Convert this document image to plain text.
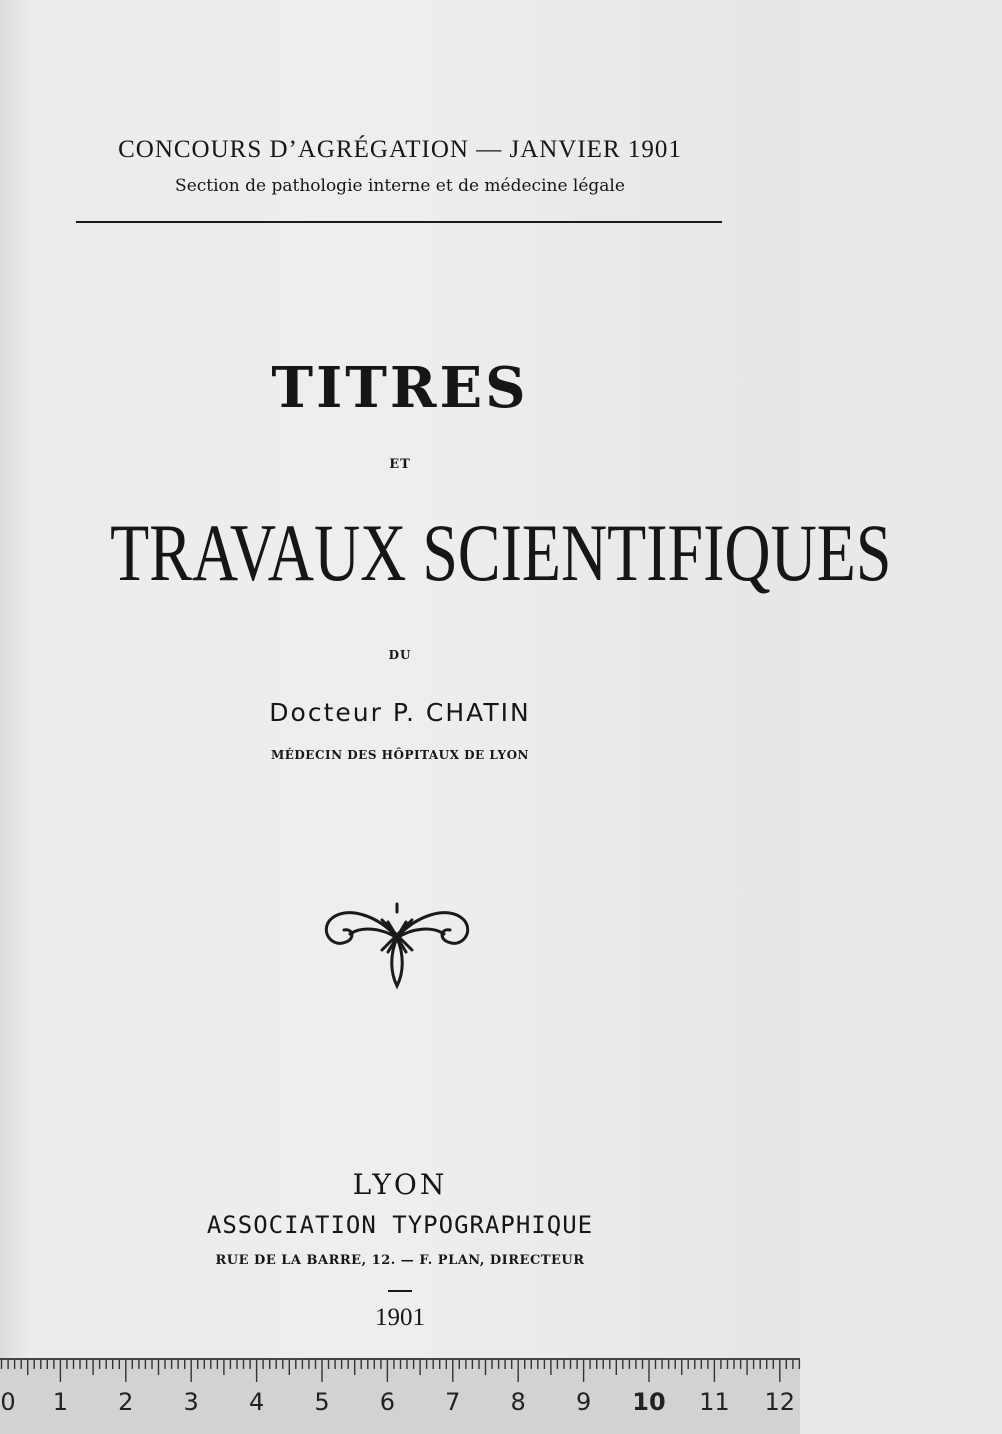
CONCOURS D’AGRÉGATION — JANVIER 1901
Section de pathologie interne et de médecine légale
TITRES
ET
TRAVAUX SCIENTIFIQUES
DU
Docteur P. CHATIN
MÉDECIN DES HÔPITAUX DE LYON
LYON
ASSOCIATION TYPOGRAPHIQUE
RUE DE LA BARRE, 12. — F. PLAN, DIRECTEUR
1901
0 1 2 3 4 5 6 7 8 9 10 11 12
